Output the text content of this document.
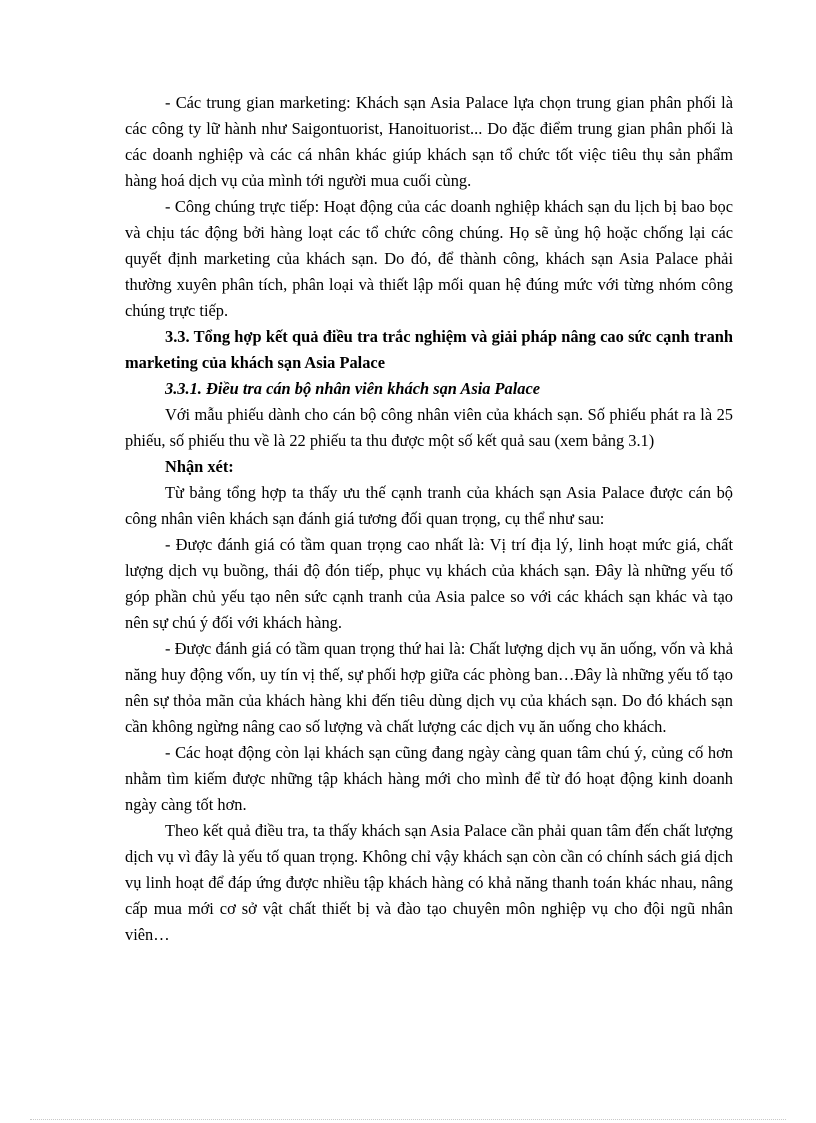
- Các trung gian marketing: Khách sạn Asia Palace lựa chọn trung gian phân phối là các công ty lữ hành như Saigontuorist, Hanoituorist... Do đặc điểm trung gian phân phối là các doanh nghiệp và các cá nhân khác giúp khách sạn tổ chức tốt việc tiêu thụ sản phẩm hàng hoá dịch vụ của mình tới người mua cuối cùng.

- Công chúng trực tiếp: Hoạt động của các doanh nghiệp khách sạn du lịch bị bao bọc và chịu tác động bởi hàng loạt các tổ chức công chúng. Họ sẽ ủng hộ hoặc chống lại các quyết định marketing của khách sạn. Do đó, để thành công, khách sạn Asia Palace phải thường xuyên phân tích, phân loại và thiết lập mối quan hệ đúng mức với từng nhóm công chúng trực tiếp.

3.3. Tổng hợp kết quả điều tra trắc nghiệm và giải pháp nâng cao sức cạnh tranh marketing của khách sạn Asia Palace

3.3.1. Điều tra cán bộ nhân viên khách sạn Asia Palace

Với mẫu phiếu dành cho cán bộ công nhân viên của khách sạn. Số phiếu phát ra là 25 phiếu, số phiếu thu về là 22 phiếu ta thu được một số kết quả sau (xem bảng 3.1)

Nhận xét:

Từ bảng tổng hợp ta thấy ưu thế cạnh tranh của khách sạn Asia Palace được cán bộ công nhân viên khách sạn đánh giá tương đối quan trọng, cụ thể như sau:

- Được đánh giá có tầm quan trọng cao nhất là: Vị trí địa lý, linh hoạt mức giá, chất lượng dịch vụ buồng, thái độ đón tiếp, phục vụ khách của khách sạn. Đây là những yếu tố góp phần chủ yếu tạo nên sức cạnh tranh của Asia palce so với các khách sạn khác và tạo nên sự chú ý đối với khách hàng.

- Được đánh giá có tầm quan trọng thứ hai là: Chất lượng dịch vụ ăn uống, vốn và khả năng huy động vốn, uy tín vị thế, sự phối hợp giữa các phòng ban…Đây là những yếu tố tạo nên sự thỏa mãn của khách hàng khi đến tiêu dùng dịch vụ của khách sạn. Do đó khách sạn cần không ngừng nâng cao số lượng và chất lượng các dịch vụ ăn uống cho khách.

- Các hoạt động còn lại khách sạn cũng đang ngày càng quan tâm chú ý, củng cố hơn nhằm tìm kiếm được những tập khách hàng mới cho mình để từ đó hoạt động kinh doanh ngày càng tốt hơn.

Theo kết quả điều tra, ta thấy khách sạn Asia Palace cần phải quan tâm đến chất lượng dịch vụ vì đây là yếu tố quan trọng. Không chỉ vậy khách sạn còn cần có chính sách giá dịch vụ linh hoạt để đáp ứng được nhiều tập khách hàng có khả năng thanh toán khác nhau, nâng cấp mua mới cơ sở vật chất thiết bị và đào tạo chuyên môn nghiệp vụ cho đội ngũ nhân viên…
